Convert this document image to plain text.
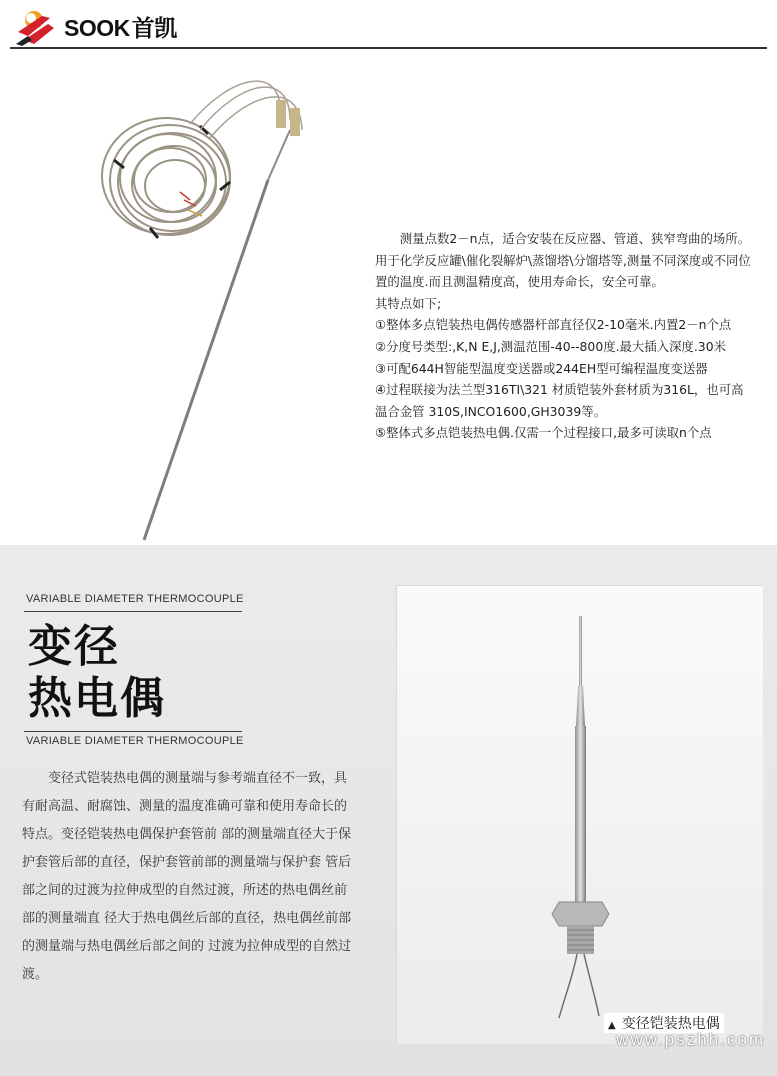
SOOK首凯

测量点数2－n点，适合安装在反应器、管道、狭窄弯曲的场所。用于化学反应罐\催化裂解炉\蒸馏塔\分馏塔等,测量不同深度或不同位置的温度.而且测温精度高，使用寿命长，安全可靠。

其特点如下;

①整体多点铠装热电偶传感器杆部直径仅2-10毫米.内置2－n个点

②分度号类型:,K,N E,J,测温范围-40--800度.最大插入深度.30米

③可配644H智能型温度变送器或244EH型可编程温度变送器

④过程联接为法兰型316TI\321 材质铠装外套材质为316L，也可高温合金管 310S,INCO1600,GH3039等。

⑤整体式多点铠装热电偶.仅需一个过程接口,最多可读取n个点

VARIABLE DIAMETER THERMOCOUPLE
变径
热电偶
VARIABLE DIAMETER THERMOCOUPLE

变径式铠装热电偶的测量端与参考端直径不一致，具有耐高温、耐腐蚀、测量的温度准确可靠和使用寿命长的特点。变径铠装热电偶保护套管前 部的测量端直径大于保护套管后部的直径，保护套管前部的测量端与保护套 管后部之间的过渡为拉伸成型的自然过渡，所述的热电偶丝前部的测量端直 径大于热电偶丝后部的直径，热电偶丝前部的测量端与热电偶丝后部之间的 过渡为拉伸成型的自然过渡。

▲ 变径铠装热电偶
www.pszhh.com
